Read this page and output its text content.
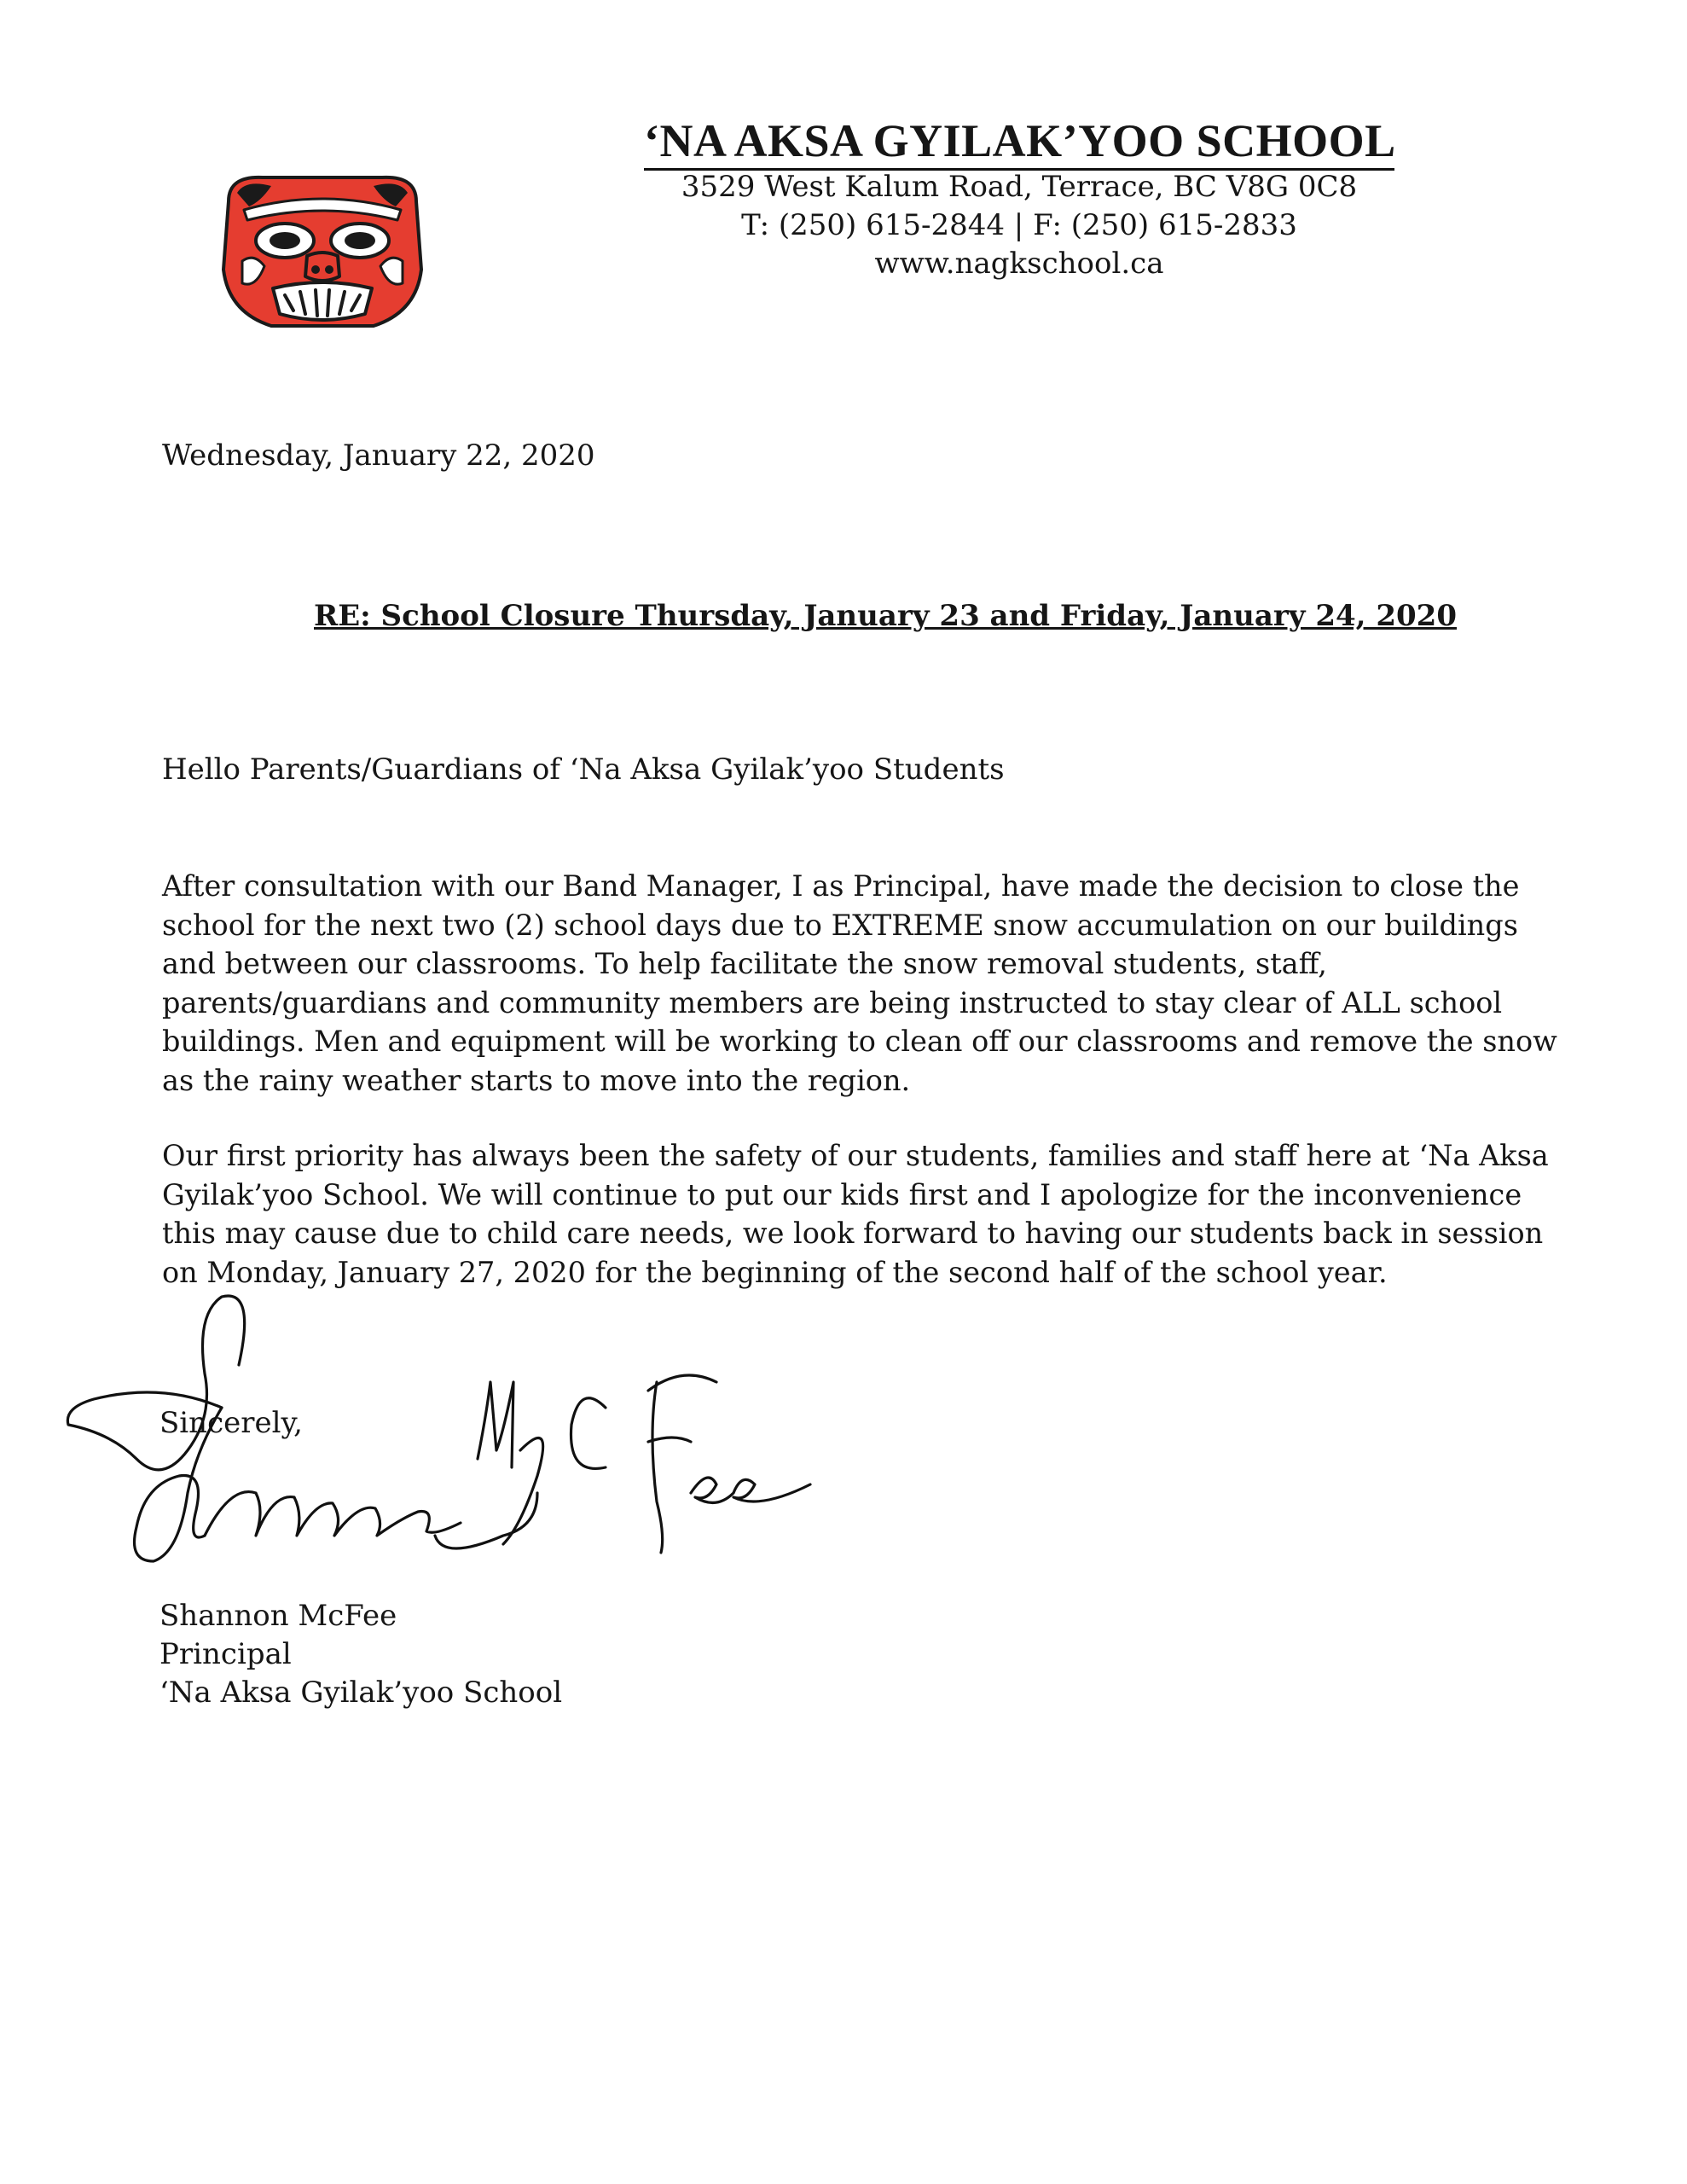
‘NA AKSA GYILAK’YOO SCHOOL
3529 West Kalum Road, Terrace, BC V8G 0C8
T: (250) 615-2844 | F: (250) 615-2833
www.nagkschool.ca
Wednesday, January 22, 2020
RE: School Closure Thursday, January 23 and Friday, January 24, 2020
Hello Parents/Guardians of ‘Na Aksa Gyilak’yoo Students
After consultation with our Band Manager, I as Principal, have made the decision to close the
school for the next two (2) school days due to EXTREME snow accumulation on our buildings
and between our classrooms. To help facilitate the snow removal students, staff,
parents/guardians and community members are being instructed to stay clear of ALL school
buildings. Men and equipment will be working to clean off our classrooms and remove the snow
as the rainy weather starts to move into the region.
Our first priority has always been the safety of our students, families and staff here at ‘Na Aksa
Gyilak’yoo School. We will continue to put our kids first and I apologize for the inconvenience
this may cause due to child care needs, we look forward to having our students back in session
on Monday, January 27, 2020 for the beginning of the second half of the school year.
Sincerely,
Shannon McFee
Principal
‘Na Aksa Gyilak’yoo School
